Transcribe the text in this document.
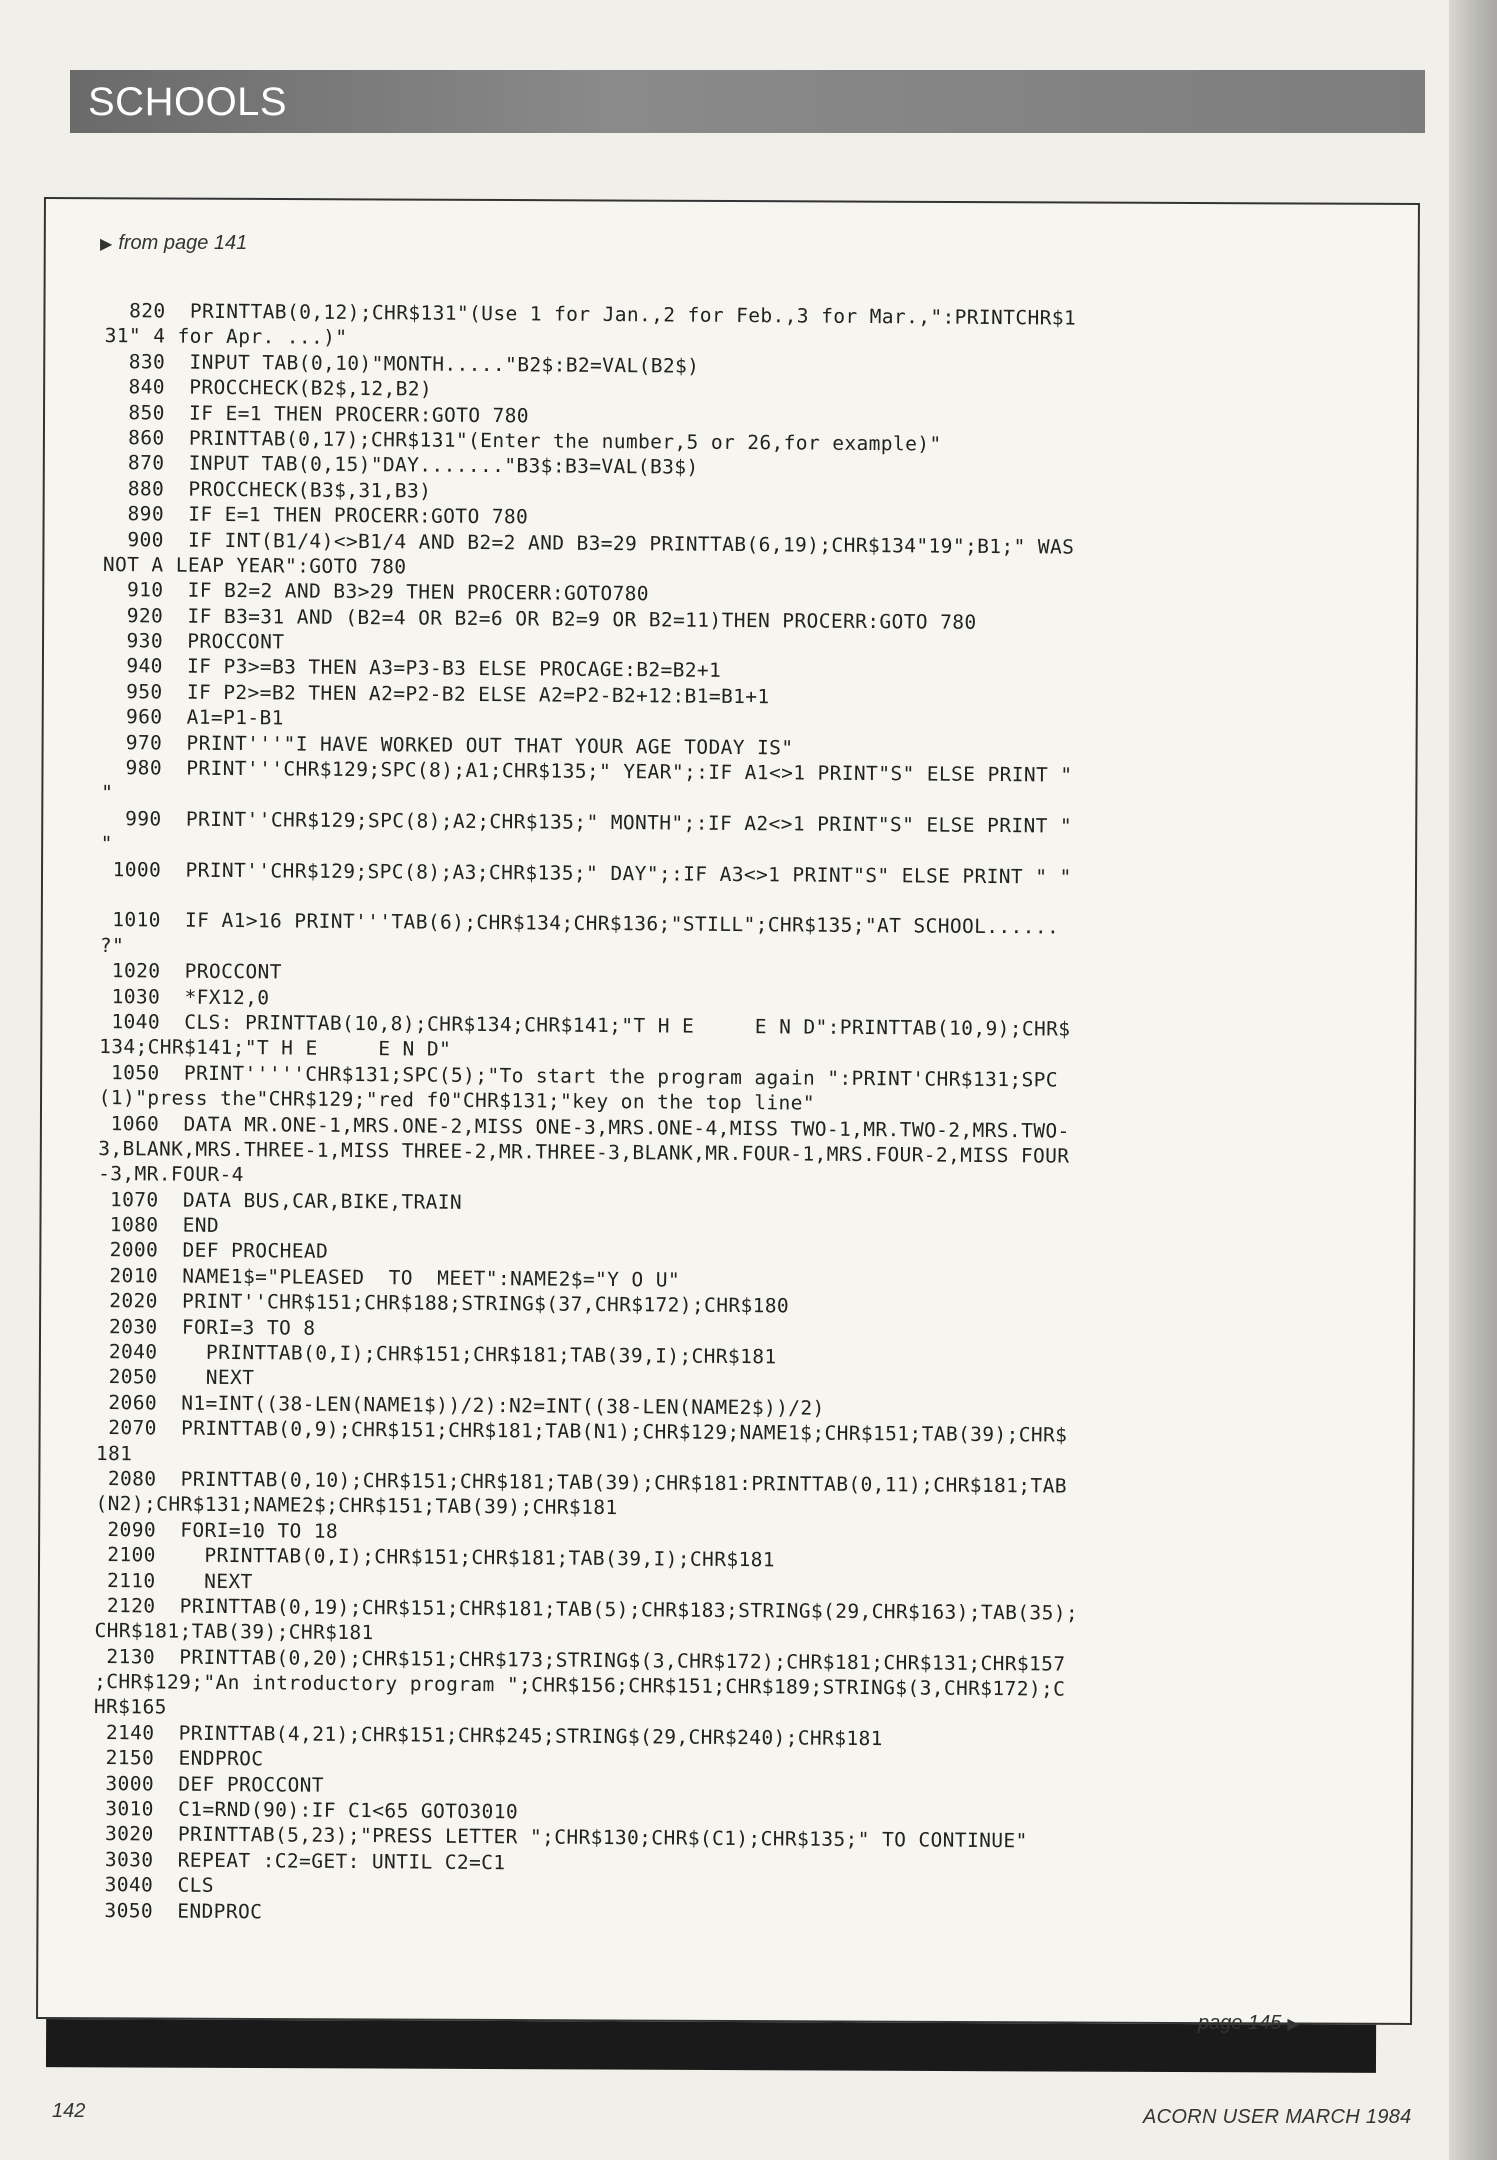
SCHOOLS
▶ from page 141
820  PRINTTAB(0,12);CHR$131"(Use 1 for Jan.,2 for Feb.,3 for Mar.,":PRINTCHR$1
31" 4 for Apr. ...)"
830  INPUT TAB(0,10)"MONTH....."B2$:B2=VAL(B2$)
840  PROCCHECK(B2$,12,B2)
850  IF E=1 THEN PROCERR:GOTO 780
860  PRINTTAB(0,17);CHR$131"(Enter the number,5 or 26,for example)"
870  INPUT TAB(0,15)"DAY......."B3$:B3=VAL(B3$)
880  PROCCHECK(B3$,31,B3)
890  IF E=1 THEN PROCERR:GOTO 780
900  IF INT(B1/4)<>B1/4 AND B2=2 AND B3=29 PRINTTAB(6,19);CHR$134"19";B1;" WAS
NOT A LEAP YEAR":GOTO 780
910  IF B2=2 AND B3>29 THEN PROCERR:GOTO780
920  IF B3=31 AND (B2=4 OR B2=6 OR B2=9 OR B2=11)THEN PROCERR:GOTO 780
930  PROCCONT
940  IF P3>=B3 THEN A3=P3-B3 ELSE PROCAGE:B2=B2+1
950  IF P2>=B2 THEN A2=P2-B2 ELSE A2=P2-B2+12:B1=B1+1
960  A1=P1-B1
970  PRINT'''"I HAVE WORKED OUT THAT YOUR AGE TODAY IS"
980  PRINT'''CHR$129;SPC(8);A1;CHR$135;" YEAR";:IF A1<>1 PRINT"S" ELSE PRINT "
"
990  PRINT''CHR$129;SPC(8);A2;CHR$135;" MONTH";:IF A2<>1 PRINT"S" ELSE PRINT "
"
1000  PRINT''CHR$129;SPC(8);A3;CHR$135;" DAY";:IF A3<>1 PRINT"S" ELSE PRINT " "
1010  IF A1>16 PRINT'''TAB(6);CHR$134;CHR$136;"STILL";CHR$135;"AT SCHOOL......
?"
1020  PROCCONT
1030  *FX12,0
1040  CLS: PRINTTAB(10,8);CHR$134;CHR$141;"T H E     E N D":PRINTTAB(10,9);CHR$
134;CHR$141;"T H E     E N D"
1050  PRINT'''''CHR$131;SPC(5);"To start the program again ":PRINT'CHR$131;SPC
(1)"press the"CHR$129;"red f0"CHR$131;"key on the top line"
1060  DATA MR.ONE-1,MRS.ONE-2,MISS ONE-3,MRS.ONE-4,MISS TWO-1,MR.TWO-2,MRS.TWO-
3,BLANK,MRS.THREE-1,MISS THREE-2,MR.THREE-3,BLANK,MR.FOUR-1,MRS.FOUR-2,MISS FOUR
-3,MR.FOUR-4
1070  DATA BUS,CAR,BIKE,TRAIN
1080  END
2000  DEF PROCHEAD
2010  NAME1$="PLEASED  TO  MEET":NAME2$="Y O U"
2020  PRINT''CHR$151;CHR$188;STRING$(37,CHR$172);CHR$180
2030  FORI=3 TO 8
2040    PRINTTAB(0,I);CHR$151;CHR$181;TAB(39,I);CHR$181
2050    NEXT
2060  N1=INT((38-LEN(NAME1$))/2):N2=INT((38-LEN(NAME2$))/2)
2070  PRINTTAB(0,9);CHR$151;CHR$181;TAB(N1);CHR$129;NAME1$;CHR$151;TAB(39);CHR$
181
2080  PRINTTAB(0,10);CHR$151;CHR$181;TAB(39);CHR$181:PRINTTAB(0,11);CHR$181;TAB
(N2);CHR$131;NAME2$;CHR$151;TAB(39);CHR$181
2090  FORI=10 TO 18
2100    PRINTTAB(0,I);CHR$151;CHR$181;TAB(39,I);CHR$181
2110    NEXT
2120  PRINTTAB(0,19);CHR$151;CHR$181;TAB(5);CHR$183;STRING$(29,CHR$163);TAB(35);
CHR$181;TAB(39);CHR$181
2130  PRINTTAB(0,20);CHR$151;CHR$173;STRING$(3,CHR$172);CHR$181;CHR$131;CHR$157
;CHR$129;"An introductory program ";CHR$156;CHR$151;CHR$189;STRING$(3,CHR$172);C
HR$165
2140  PRINTTAB(4,21);CHR$151;CHR$245;STRING$(29,CHR$240);CHR$181
2150  ENDPROC
3000  DEF PROCCONT
3010  C1=RND(90):IF C1<65 GOTO3010
3020  PRINTTAB(5,23);"PRESS LETTER ";CHR$130;CHR$(C1);CHR$135;" TO CONTINUE"
3030  REPEAT :C2=GET: UNTIL C2=C1
3040  CLS
3050  ENDPROC
page 145 ▶
142	ACORN USER MARCH 1984
